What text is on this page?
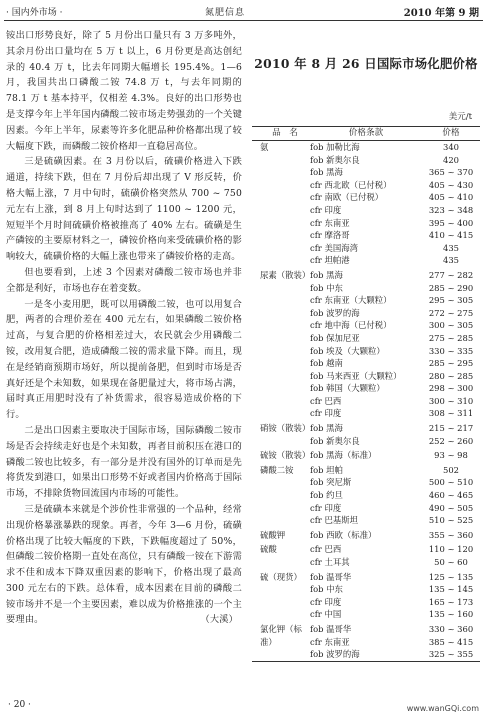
· 国内外市场 ·	氮肥信息	2010 年第 9 期

铵出口形势良好，除了 5 月份出口量只有 3 万多吨外，其余月份出口量均在 5 万 t 以上，6 月份更是高达创纪录的 40.4 万 t，比去年同期大幅增长 195.4%。1—6 月，我国共出口磷酸二铵 74.8 万 t，与去年同期的 78.1 万 t 基本持平，仅相差 4.3%。良好的出口形势也是支撑今年上半年国内磷酸二铵市场走势强劲的一个关键因素。今年上半年，尿素等许多化肥品种价格都出现了较大幅度下跌，而磷酸二铵价格却一直稳居高位。

三是硫磺因素。在 3 月份以后，硫磺价格进入下跌通道，持续下跌，但在 7 月份后却出现了 V 形反转，价格大幅上涨，7 月中旬时，硫磺价格突然从 700 ~ 750 元左右上涨，到 8 月上旬时达到了 1100 ~ 1200 元，短短半个月时间硫磺价格被推高了 40% 左右。硫磺是生产磷铵的主要原材料之一，磷铵价格向来受硫磺价格的影响较大，硫磺价格的大幅上涨也带来了磷铵价格的走高。

但也要看到，上述 3 个因素对磷酸二铵市场也并非全都是利好，市场也存在着变数。

一是冬小麦用肥，既可以用磷酸二铵，也可以用复合肥，两者的合理价差在 400 元左右，如果磷酸二铵价格过高，与复合肥的价格相差过大，农民就会少用磷酸二铵，改用复合肥，造成磷酸二铵的需求量下降。而且，现在是经销商预期市场好，所以提前备肥，但到时市场是否真好还是个未知数，如果现在备肥量过大，将市场占满，届时真正用肥时没有了补货需求，很容易造成价格的下行。

二是出口因素主要取决于国际市场，国际磷酸二铵市场是否会持续走好也是个未知数，再者目前积压在港口的磷酸二铵也比较多，有一部分是并没有国外的订单而是先将货发到港口，如果出口形势不好或者国内价格高于国际市场，不排除货物回流国内市场的可能性。

三是硫磺本来就是个涉价性非常强的一个品种，经常出现价格暴涨暴跌的现象。再者，今年 3—6 月份，硫磺价格出现了比较大幅度的下跌，下跌幅度超过了 50%，但磷酸二铵价格期一直处在高位，只有磷酸一铵在下游需求不佳和成本下降双重因素的影响下，价格出现了最高 300 元左右的下跌。总体看，成本因素在目前的磷酸二铵市场并不是一个主要因素，难以成为价格推涨的一个主要理由。	（大溪）

2010 年 8 月 26 日国际市场化肥价格
美元/t
品　名	价格条款	价格
氨	fob 加勒比海	340
fob 新奥尔良	420
fob 黑海	365 ~ 370
cfr 西北欧（已付税）	405 ~ 430
cfr 南欧（已付税）	405 ~ 410
cfr 印度	323 ~ 348
cfr 东南亚	395 ~ 400
cfr 摩洛哥	410 ~ 415
cfr 美国海湾	435
cfr 坦帕港	435
尿素（散装） fob 黑海	277 ~ 282
fob 中东	285 ~ 290
cfr 东南亚（大颗粒）	295 ~ 305
fob 波罗的海	272 ~ 275
cfr 地中海（已付税）	300 ~ 305
fob 保加尼亚	275 ~ 285
fob 埃及（大颗粒）	330 ~ 335
fob 越南	285 ~ 295
fob 马来西亚（大颗粒）	280 ~ 285
fob 韩国（大颗粒）	298 ~ 300
cfr 巴西	300 ~ 310
cfr 印度	308 ~ 311
硝铵（散装） fob 黑海	215 ~ 217
fob 新奥尔良	252 ~ 260
硫铵（散装） fob 黑海（标准）	93 ~ 98
磷酸二铵	fob 坦帕	502
fob 突尼斯	500 ~ 510
fob 约旦	460 ~ 465
cfr 印度	490 ~ 505
cfr 巴基斯坦	510 ~ 525
硫酸钾	fob 西欧（标准）	355 ~ 360
硫酸	cfr 巴西	110 ~ 120
cfr 土耳其	50 ~ 60
硫（现货） fob 温哥华	125 ~ 135
fob 中东	135 ~ 145
cfr 印度	165 ~ 173
cfr 中国	135 ~ 160
氯化钾（标准）
fob 温哥华	330 ~ 360
cfr 东南亚	385 ~ 415
fob 波罗的海	325 ~ 355
· 20 ·	www.wanGQi.com
